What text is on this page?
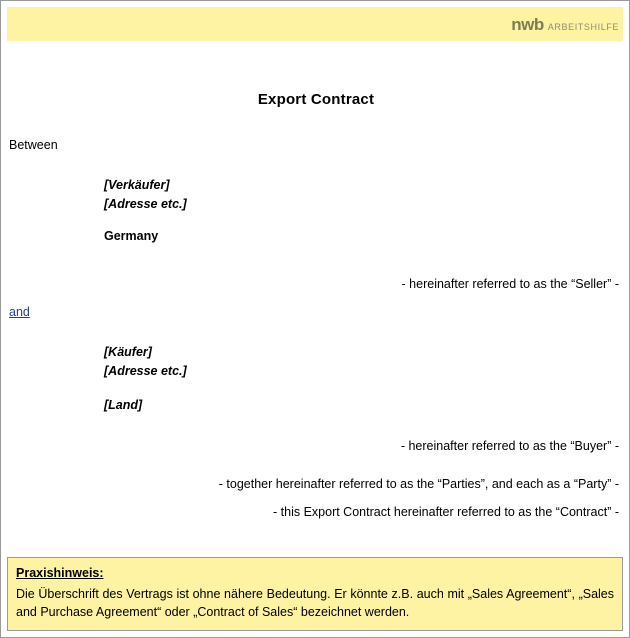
nwb ARBEITSHILFE
Export Contract
Between
[Verkäufer]
[Adresse etc.]
Germany
- hereinafter referred to as the “Seller” -
and
[Käufer]
[Adresse etc.]
[Land]
- hereinafter referred to as the “Buyer” -
- together hereinafter referred to as the “Parties”, and each as a “Party” -
- this Export Contract hereinafter referred to as the “Contract” -
Praxishinweis:
Die Überschrift des Vertrags ist ohne nähere Bedeutung. Er könnte z.B. auch mit „Sales Agreement“, „Sales and Purchase Agreement“ oder „Contract of Sales“ bezeichnet werden.
